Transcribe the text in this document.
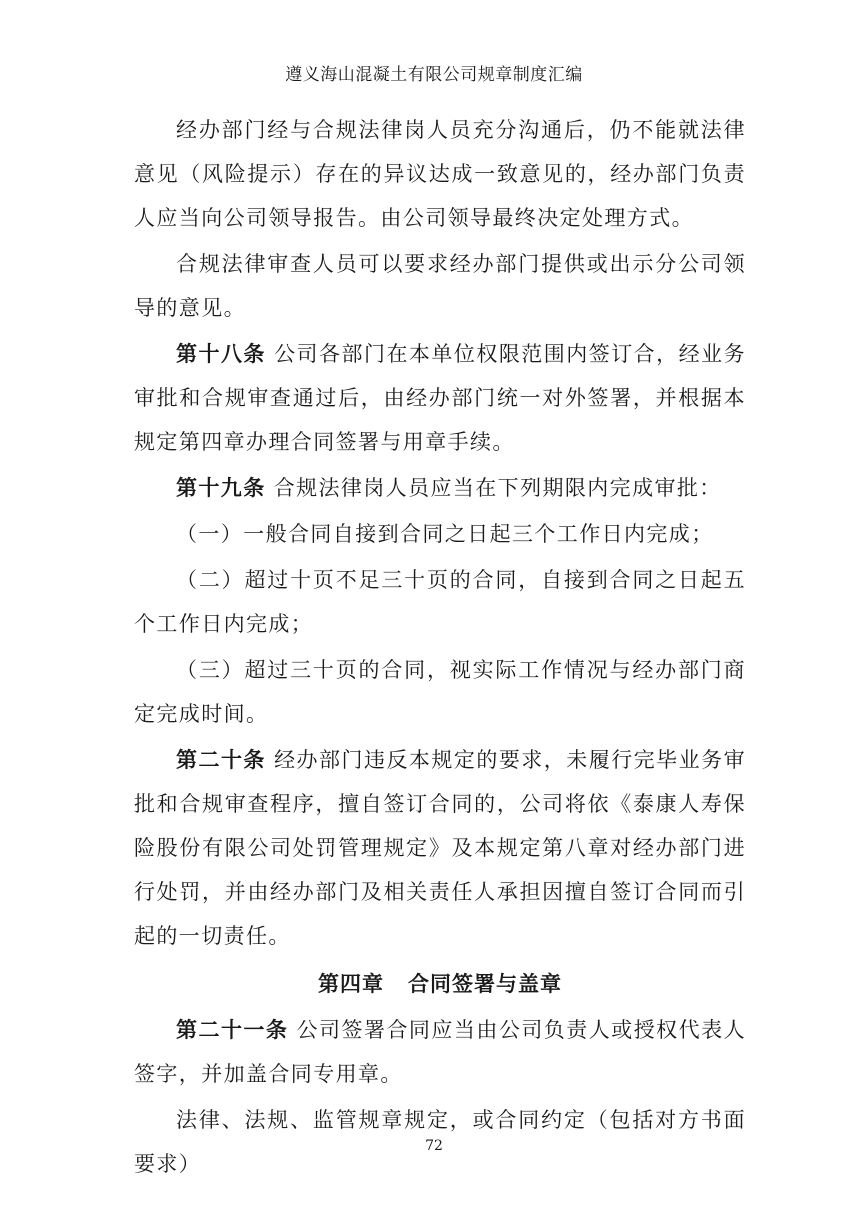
遵义海山混凝土有限公司规章制度汇编

经办部门经与合规法律岗人员充分沟通后，仍不能就法律意见（风险提示）存在的异议达成一致意见的，经办部门负责人应当向公司领导报告。由公司领导最终决定处理方式。

合规法律审查人员可以要求经办部门提供或出示分公司领导的意见。

第十八条 公司各部门在本单位权限范围内签订合，经业务审批和合规审查通过后，由经办部门统一对外签署，并根据本规定第四章办理合同签署与用章手续。

第十九条 合规法律岗人员应当在下列期限内完成审批：

（一）一般合同自接到合同之日起三个工作日内完成；

（二）超过十页不足三十页的合同，自接到合同之日起五个工作日内完成；

（三）超过三十页的合同，视实际工作情况与经办部门商定完成时间。

第二十条 经办部门违反本规定的要求，未履行完毕业务审批和合规审查程序，擅自签订合同的，公司将依《泰康人寿保险股份有限公司处罚管理规定》及本规定第八章对经办部门进行处罚，并由经办部门及相关责任人承担因擅自签订合同而引起的一切责任。

第四章 合同签署与盖章

第二十一条 公司签署合同应当由公司负责人或授权代表人签字，并加盖合同专用章。

法律、法规、监管规章规定，或合同约定（包括对方书面要求）

72
